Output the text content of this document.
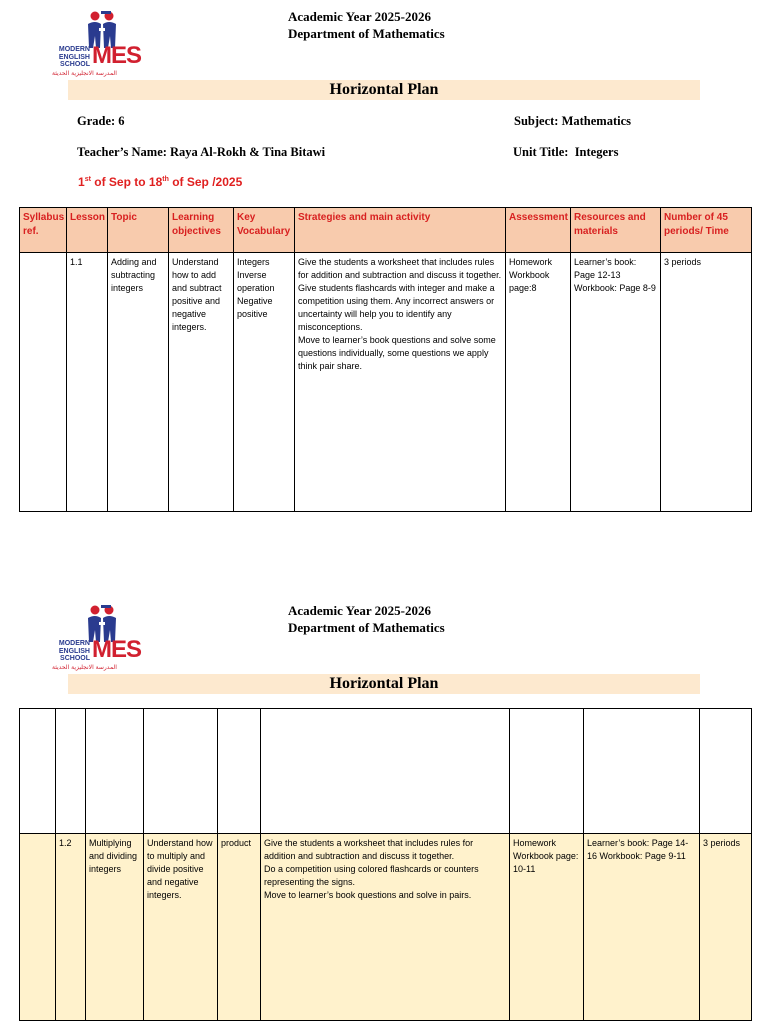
MODERN
ENGLISH
SCHOOL MES
المدرسة الانجليزية الحديثة
Academic Year 2025-2026
Department of Mathematics
Horizontal Plan
Grade: 6	Subject: Mathematics
Teacher’s Name: Raya Al-Rokh & Tina Bitawi	Unit Title:  Integers
1st of Sep to 18th of Sep /2025
Syllabus ref.	Lesson	Topic	Learning objectives	Key Vocabulary	Strategies and main activity	Assessment	Resources and materials	Number of 45 periods/ Time
	1.1	Adding and subtracting integers	Understand how to add and subtract positive and negative integers.	Integers Inverse operation Negative positive	Give the students a worksheet that includes rules for addition and subtraction and discuss it together. Give students flashcards with integer and make a competition using them. Any incorrect answers or uncertainty will help you to identify any misconceptions.
Move to learner’s book questions and solve some questions individually, some questions we apply think pair share.	Homework Workbook page:8	Learner’s book: Page 12-13 Workbook: Page 8-9	3 periods
MODERN
ENGLISH
SCHOOL MES
المدرسة الانجليزية الحديثة
Academic Year 2025-2026
Department of Mathematics
Horizontal Plan

	1.2	Multiplying and dividing integers	Understand how to multiply and divide positive and negative integers.	product	Give the students a worksheet that includes rules for addition and subtraction and discuss it together.
Do a competition using colored flashcards or counters representing the signs.
Move to learner’s book questions and solve in pairs.	Homework Workbook page: 10-11	Learner’s book: Page 14-16 Workbook: Page 9-11	3 periods
